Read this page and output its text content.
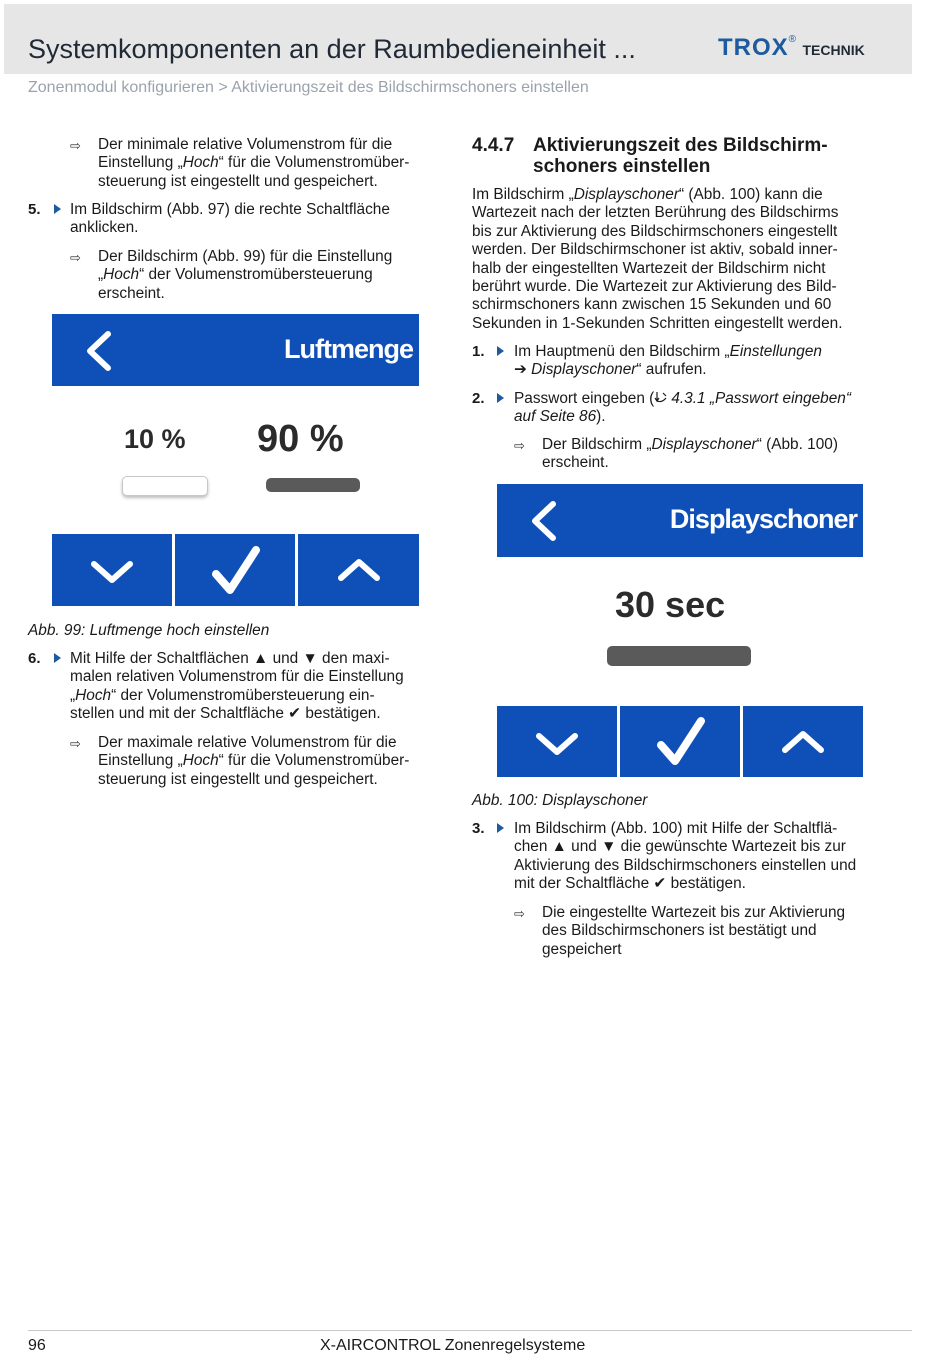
Systemkomponenten an der Raumbedieneinheit ...	TROX® TECHNIK
Zonenmodul konfigurieren > Aktivierungszeit des Bildschirmschoners einstellen
⇨ Der minimale relative Volumenstrom für die
Einstellung „Hoch“ für die Volumenstromüber-
steuerung ist eingestellt und gespeichert.
5. Im Bildschirm (Abb. 97) die rechte Schaltfläche
anklicken.
⇨ Der Bildschirm (Abb. 99) für die Einstellung
„Hoch“ der Volumenstromübersteuerung
erscheint.
Luftmenge
10 % 90 %
Abb. 99: Luftmenge hoch einstellen
6. Mit Hilfe der Schaltflächen ▲ und ▼ den maxi-
malen relativen Volumenstrom für die Einstellung
„Hoch“ der Volumenstromübersteuerung ein-
stellen und mit der Schaltfläche ✔ bestätigen.
⇨ Der maximale relative Volumenstrom für die
Einstellung „Hoch“ für die Volumenstromüber-
steuerung ist eingestellt und gespeichert.
4.4.7 Aktivierungszeit des Bildschirm-
schoners einstellen
Im Bildschirm „Displayschoner“ (Abb. 100) kann die
Wartezeit nach der letzten Berührung des Bildschirms
bis zur Aktivierung des Bildschirmschoners eingestellt
werden. Der Bildschirmschoner ist aktiv, sobald inner-
halb der eingestellten Wartezeit der Bildschirm nicht
berührt wurde. Die Wartezeit zur Aktivierung des Bild-
schirmschoners kann zwischen 15 Sekunden und 60
Sekunden in 1-Sekunden Schritten eingestellt werden.
1. Im Hauptmenü den Bildschirm „Einstellungen
➔ Displayschoner“ aufrufen.
2. Passwort eingeben ( 4.3.1 „Passwort eingeben“
auf Seite 86).
⇨ Der Bildschirm „Displayschoner“ (Abb. 100)
erscheint.
Displayschoner
30 sec
Abb. 100: Displayschoner
3. Im Bildschirm (Abb. 100) mit Hilfe der Schaltflä-
chen ▲ und ▼ die gewünschte Wartezeit bis zur
Aktivierung des Bildschirmschoners einstellen und
mit der Schaltfläche ✔ bestätigen.
⇨ Die eingestellte Wartezeit bis zur Aktivierung
des Bildschirmschoners ist bestätigt und
gespeichert
96	X-AIRCONTROL Zonenregelsysteme
